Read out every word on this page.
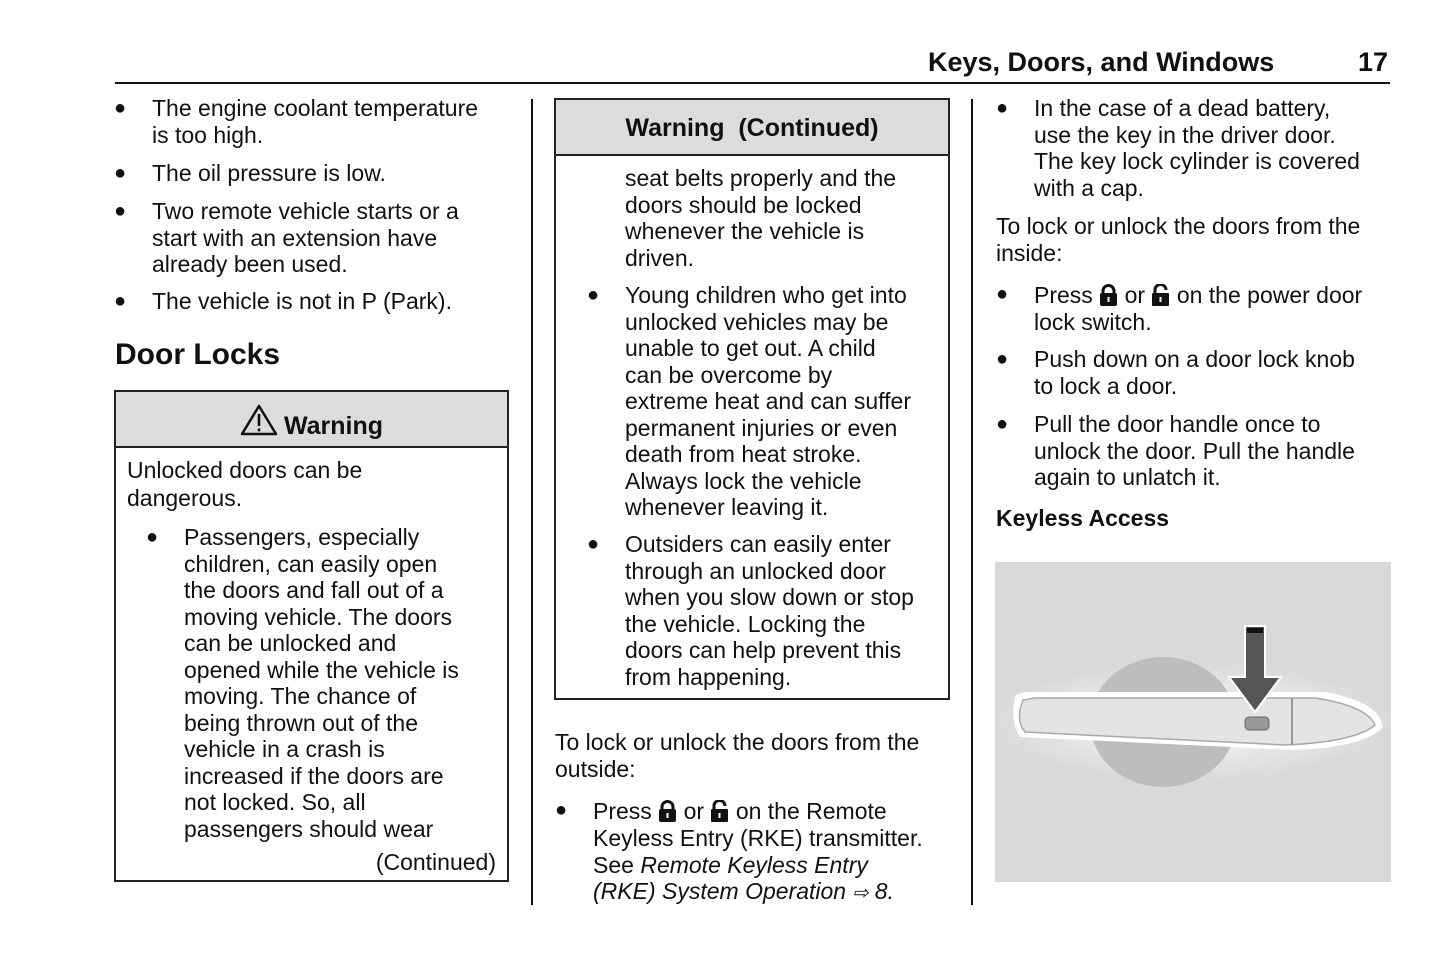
Keys, Doors, and Windows	17
● The engine coolant temperature
is too high.
● The oil pressure is low.
● Two remote vehicle starts or a
start with an extension have
already been used.
● The vehicle is not in P (Park).
Door Locks
Warning
Unlocked doors can be
dangerous.
● Passengers, especially
children, can easily open
the doors and fall out of a
moving vehicle. The doors
can be unlocked and
opened while the vehicle is
moving. The chance of
being thrown out of the
vehicle in a crash is
increased if the doors are
not locked. So, all
passengers should wear
(Continued)
Warning  (Continued)
seat belts properly and the
doors should be locked
whenever the vehicle is
driven.
● Young children who get into
unlocked vehicles may be
unable to get out. A child
can be overcome by
extreme heat and can suffer
permanent injuries or even
death from heat stroke.
Always lock the vehicle
whenever leaving it.
● Outsiders can easily enter
through an unlocked door
when you slow down or stop
the vehicle. Locking the
doors can help prevent this
from happening.
To lock or unlock the doors from the
outside:
● Press or on the Remote
Keyless Entry (RKE) transmitter.
See Remote Keyless Entry
(RKE) System Operation ⇨ 8.
● In the case of a dead battery,
use the key in the driver door.
The key lock cylinder is covered
with a cap.
To lock or unlock the doors from the
inside:
● Press or on the power door
lock switch.
● Push down on a door lock knob
to lock a door.
● Pull the door handle once to
unlock the door. Pull the handle
again to unlatch it.
Keyless Access
